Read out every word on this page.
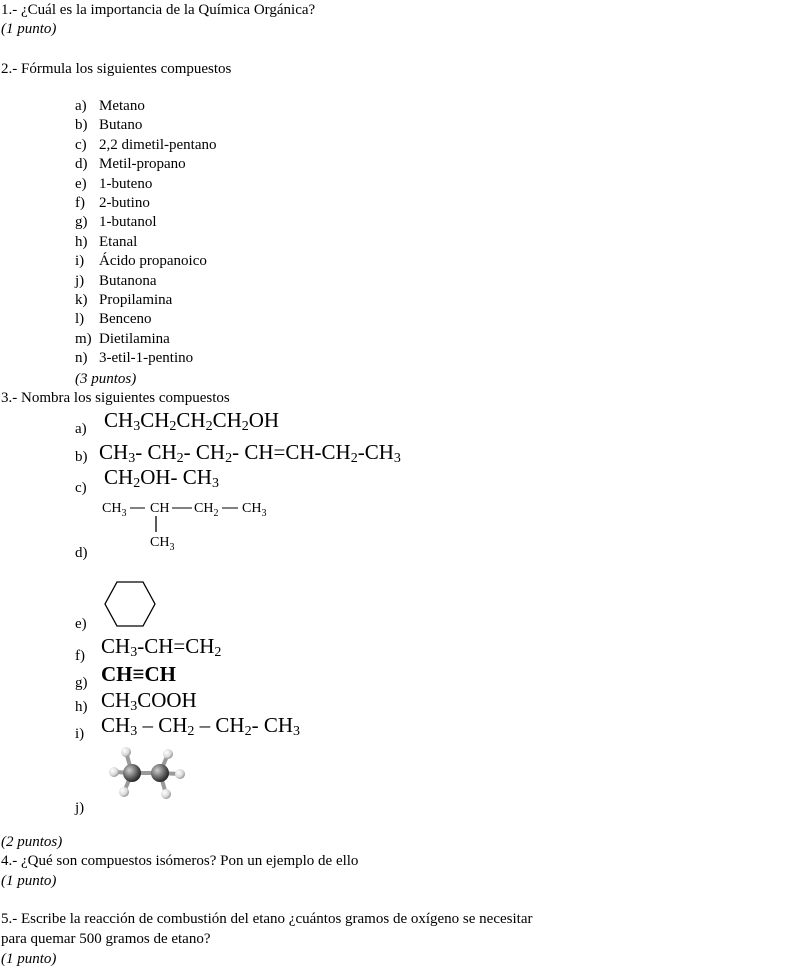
1.- ¿Cuál es la importancia de la Química Orgánica?
(1 punto)
2.- Fórmula los siguientes compuestos
a) Metano
b) Butano
c) 2,2 dimetil-pentano
d) Metil-propano
e) 1-buteno
f) 2-butino
g) 1-butanol
h) Etanal
i) Ácido propanoico
j) Butanona
k) Propilamina
l) Benceno
m) Dietilamina
n) 3-etil-1-pentino
(3 puntos)
3.- Nombra los siguientes compuestos
a)
b)
c)
d)
e)
f)
g)
h)
i)
j)
$CH_3CH_2CH_2CH_2OH$
$CH_3-$ $CH_2-$ $CH_2-$ $CH=CH-CH_2-CH_3$
$CH_2OH-$ $CH_3$
$CH_3$ CH $CH_2$ $CH_3$
$CH_3$
$CH_3-CH=CH_2$
CH≡CH
$CH_3COOH$
$CH_3 - CH_2 - CH_2-$ $CH_3$
(2 puntos)
4.- ¿Qué son compuestos isómeros? Pon un ejemplo de ello
(1 punto)
5.- Escribe la reacción de combustión del etano ¿cuántos gramos de oxígeno se necesitar
para quemar 500 gramos de etano?
(1 punto)
